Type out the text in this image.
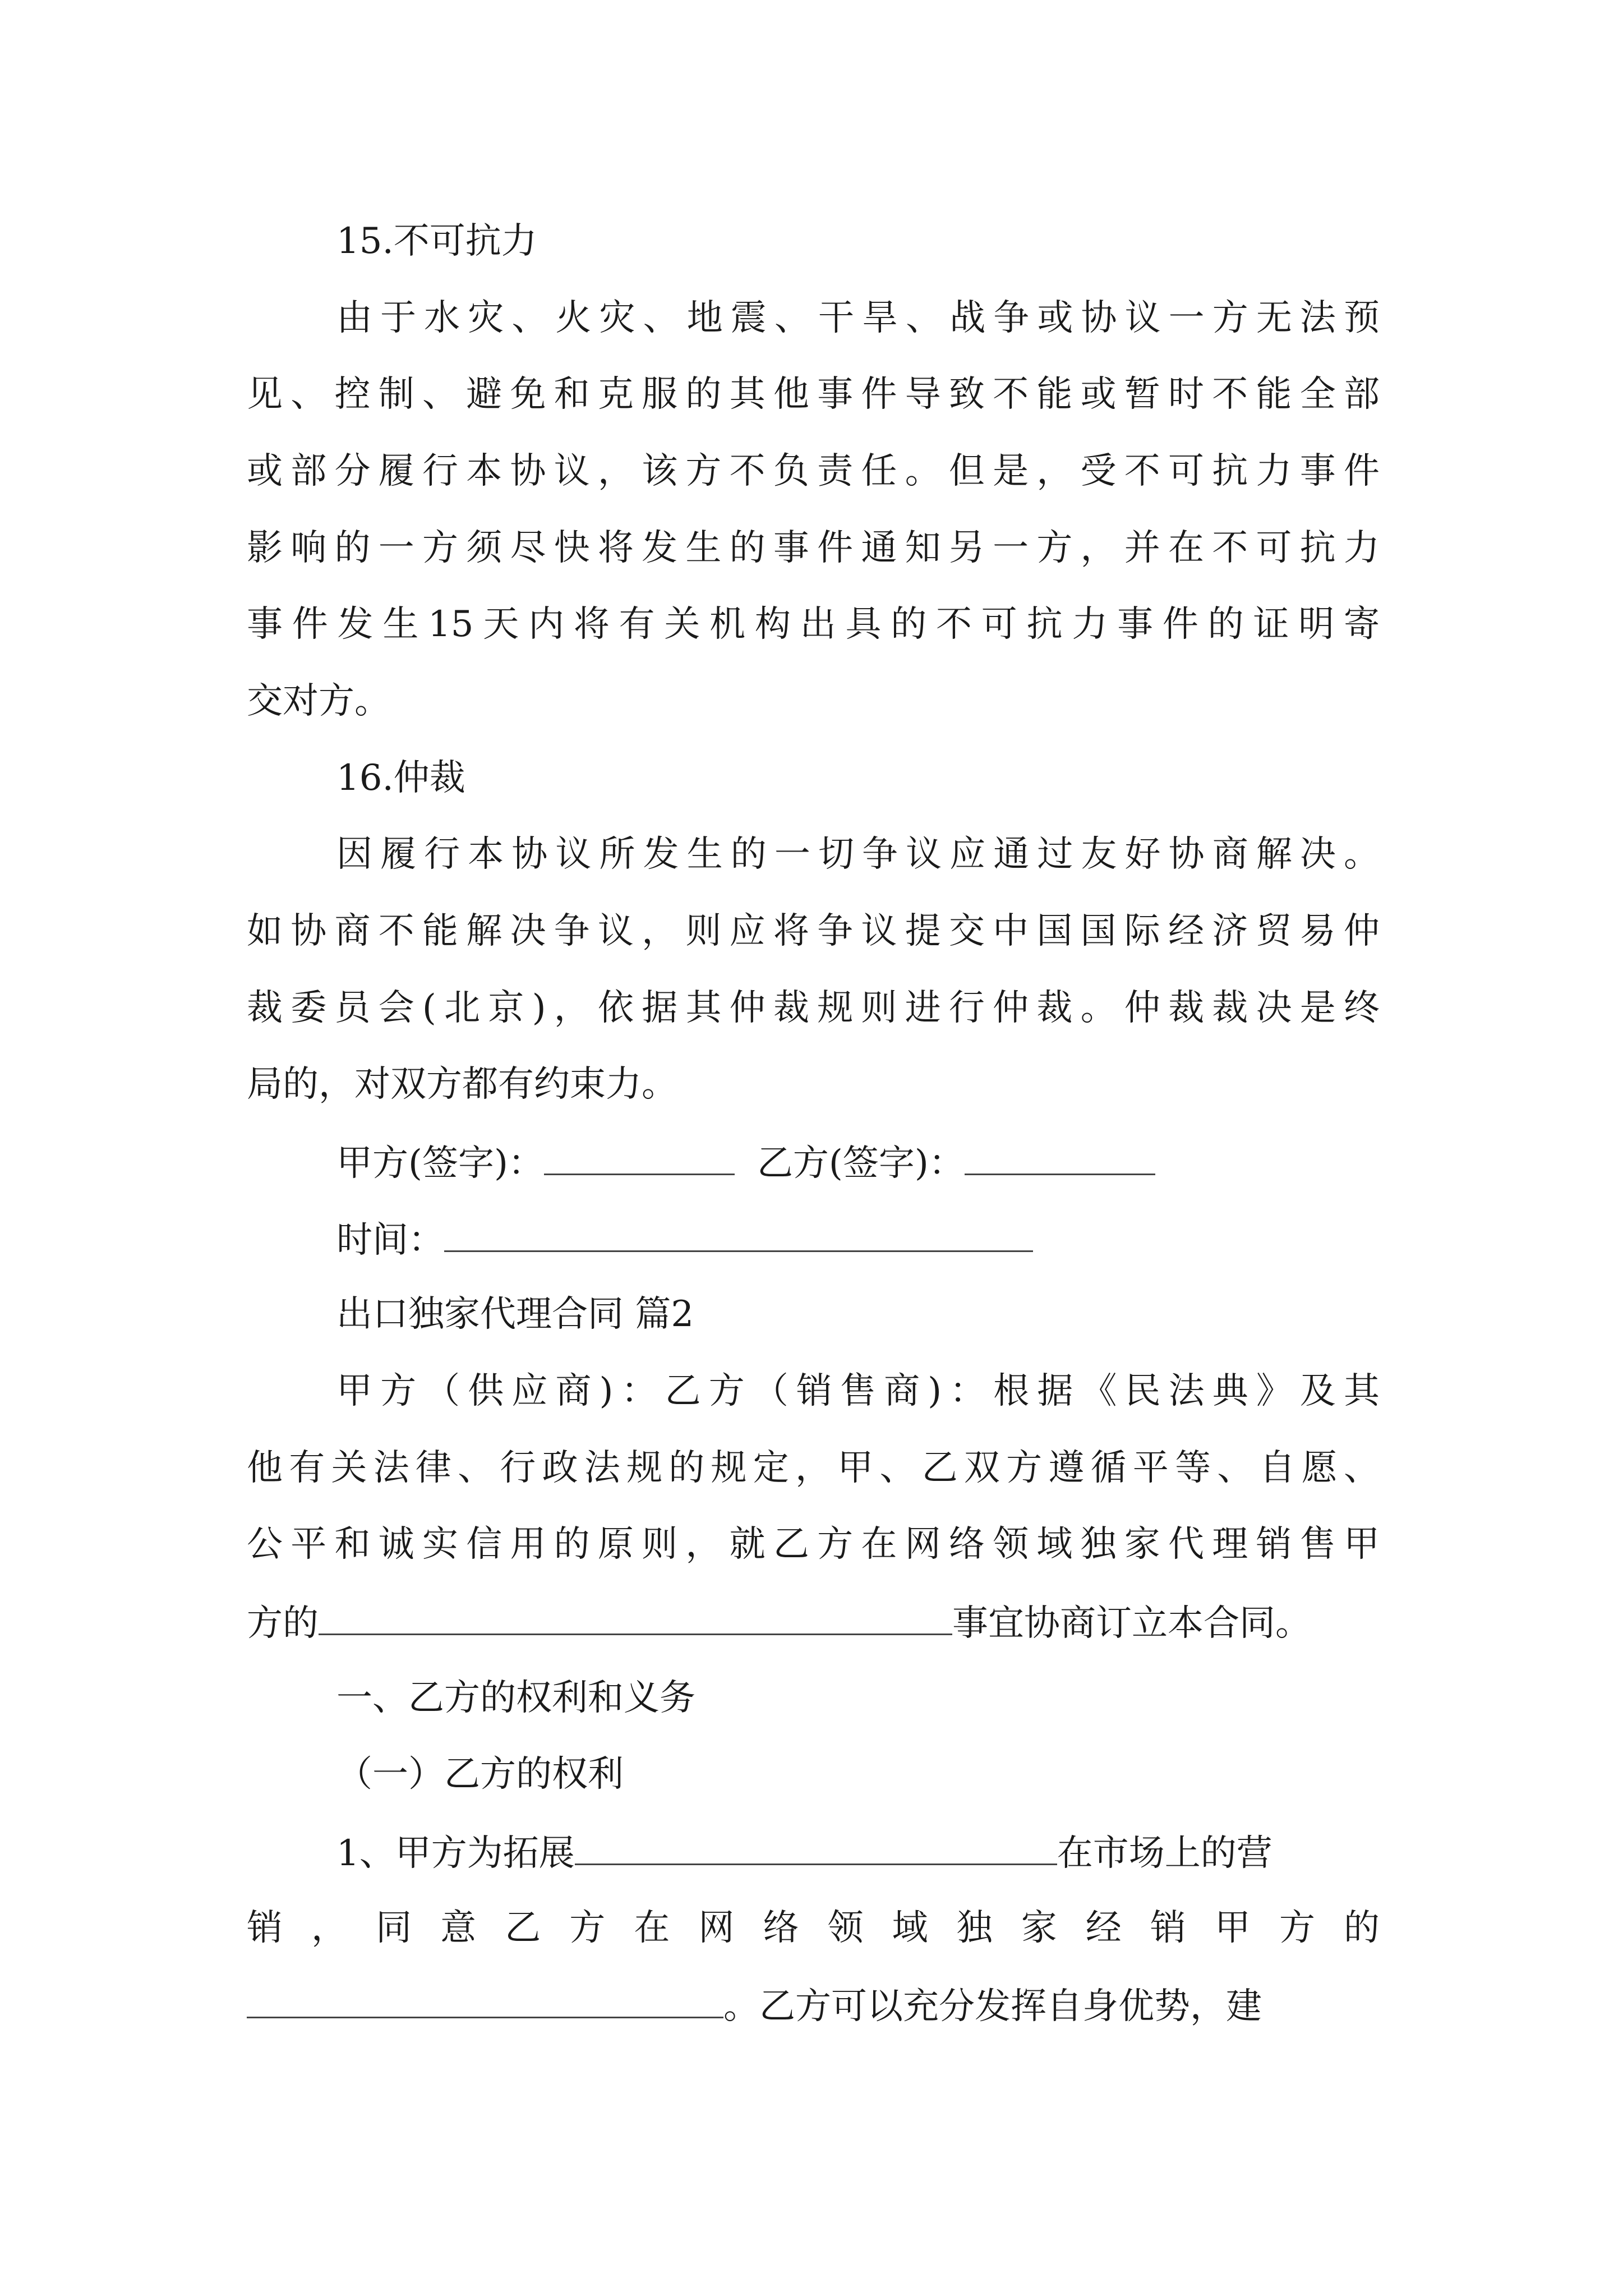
15.不可抗力
由于水灾、火灾、地震、干旱、战争或协议一方无法预
见、控制、避免和克服的其他事件导致不能或暂时不能全部
或部分履行本协议，该方不负责任。但是，受不可抗力事件
影响的一方须尽快将发生的事件通知另一方，并在不可抗力
事件发生15天内将有关机构出具的不可抗力事件的证明寄
交对方。
16.仲裁
因履行本协议所发生的一切争议应通过友好协商解决。
如协商不能解决争议，则应将争议提交中国国际经济贸易仲
裁委员会(北京)，依据其仲裁规则进行仲裁。仲裁裁决是终
局的，对双方都有约束力。
甲方(签字)：	乙方(签字)：
时间：
出口独家代理合同 篇2
甲方（供应商)：乙方（销售商)：根据《民法典》及其
他有关法律、行政法规的规定，甲、乙双方遵循平等、自愿、
公平和诚实信用的原则，就乙方在网络领域独家代理销售甲
方的	事宜协商订立本合同。
一、乙方的权利和义务
（一）乙方的权利
1、甲方为拓展	在市场上的营
销，同意乙方在网络领域独家经销甲方的
。乙方可以充分发挥自身优势，建
